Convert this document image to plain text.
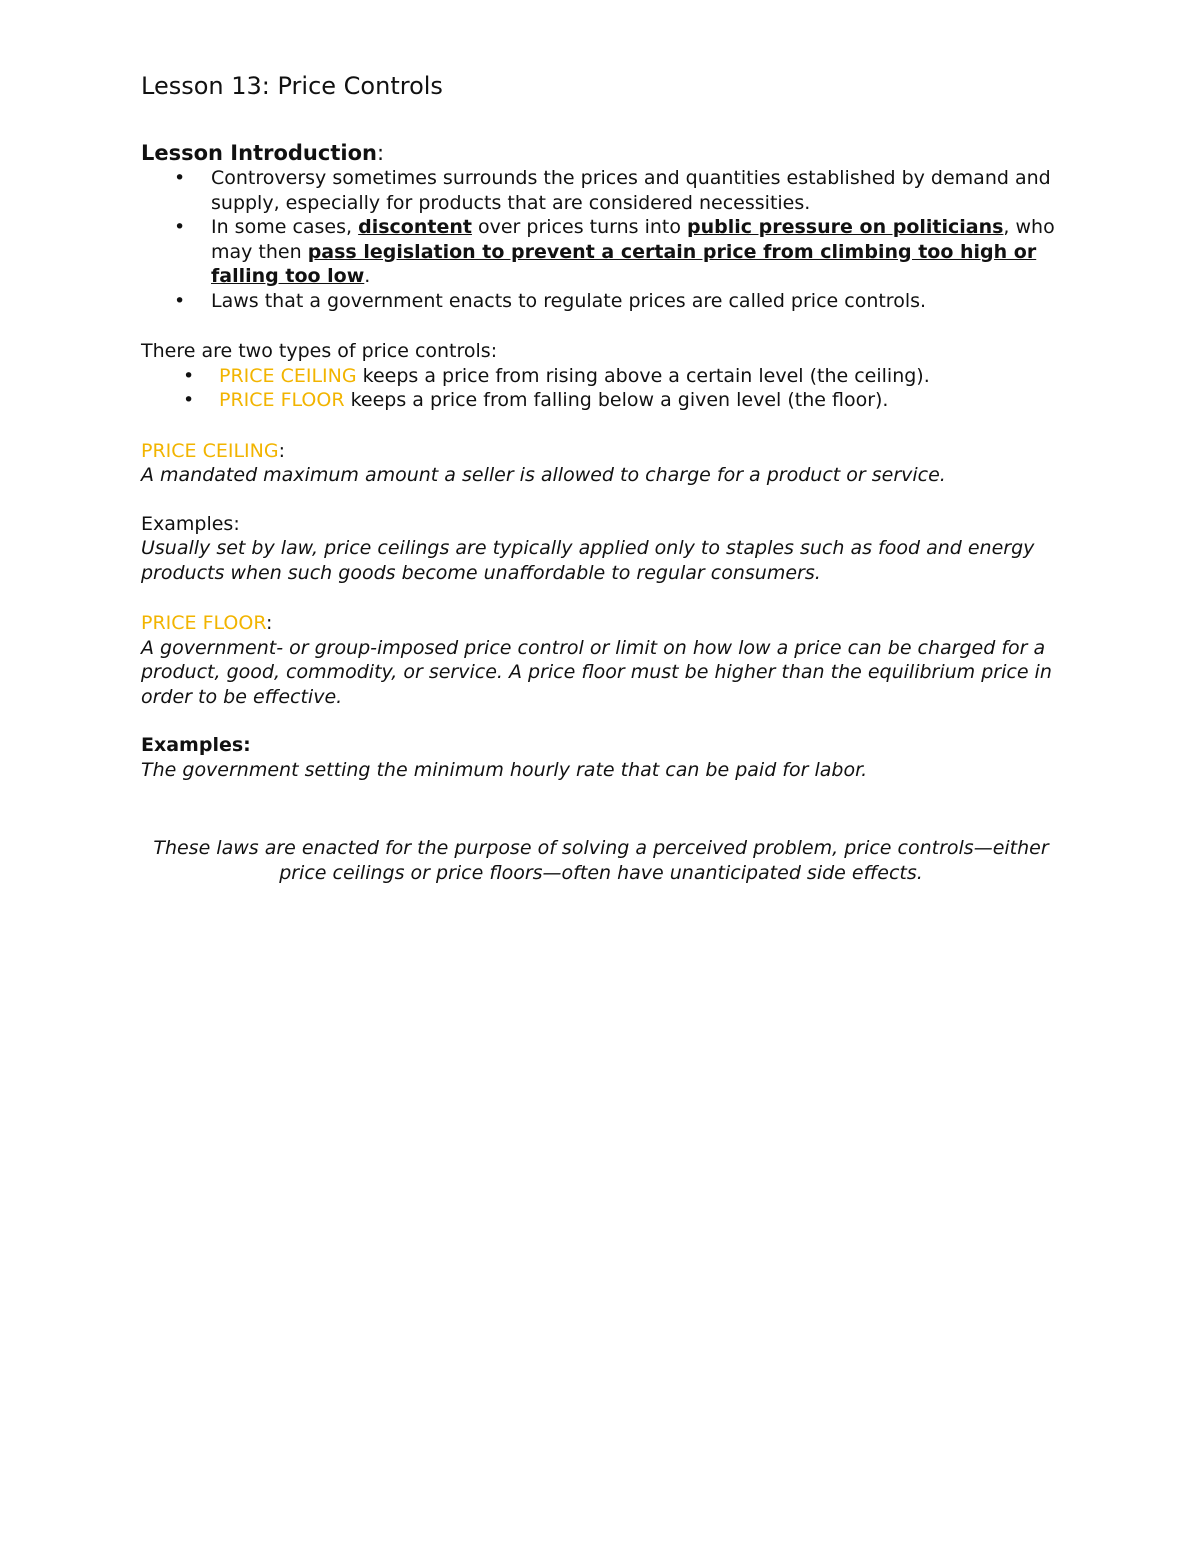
Lesson 13: Price Controls
Lesson Introduction:
• Controversy sometimes surrounds the prices and quantities established by demand and supply, especially for products that are considered necessities.
• In some cases, discontent over prices turns into public pressure on politicians, who may then pass legislation to prevent a certain price from climbing too high or falling too low.
• Laws that a government enacts to regulate prices are called price controls.

There are two types of price controls:

• PRICE CEILING keeps a price from rising above a certain level (the ceiling).
• PRICE FLOOR keeps a price from falling below a given level (the floor).

PRICE CEILING:

A mandated maximum amount a seller is allowed to charge for a product or service.

Examples:

Usually set by law, price ceilings are typically applied only to staples such as food and energy products when such goods become unaffordable to regular consumers.

PRICE FLOOR:

A government- or group-imposed price control or limit on how low a price can be charged for a product, good, commodity, or service. A price floor must be higher than the equilibrium price in order to be effective.

Examples:

The government setting the minimum hourly rate that can be paid for labor.

These laws are enacted for the purpose of solving a perceived problem, price controls—either price ceilings or price floors—often have unanticipated side effects.
